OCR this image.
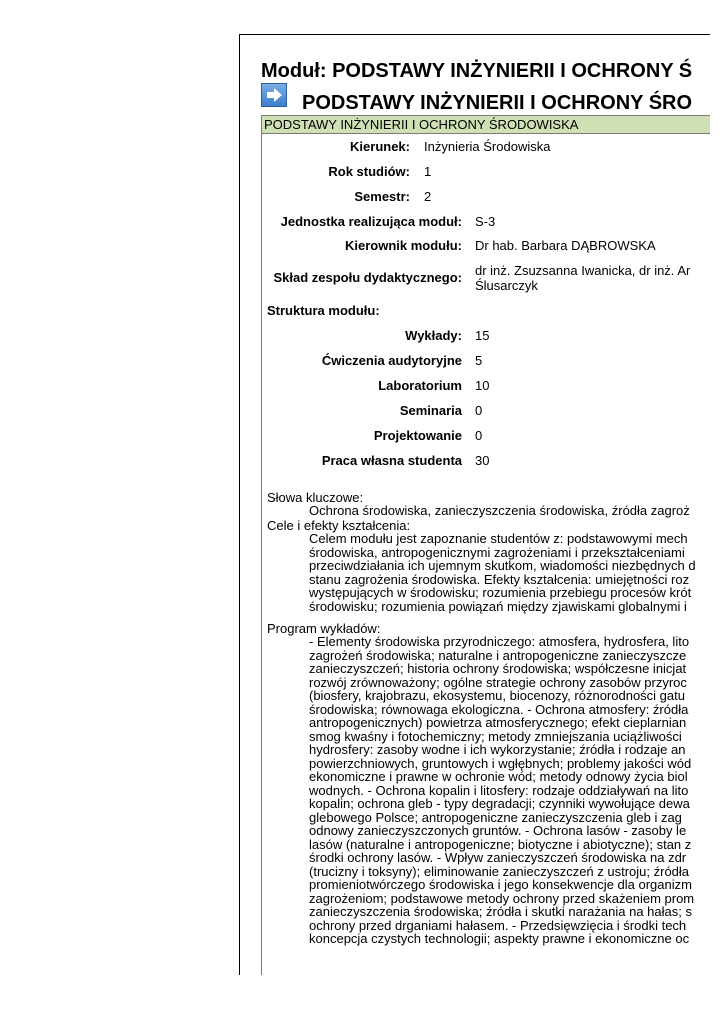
Moduł: PODSTAWY INŻYNIERII I OCHRONY Ś
PODSTAWY INŻYNIERII I OCHRONY ŚRO
PODSTAWY INŻYNIERII I OCHRONY ŚRODOWISKA
Kierunek: Inżynieria Środowiska
Rok studiów: 1
Semestr: 2
Jednostka realizująca moduł: S-3
Kierownik modułu: Dr hab. Barbara DĄBROWSKA
Skład zespołu dydaktycznego: dr inż. Zsuzsanna Iwanicka, dr inż. Ar
Ślusarczyk
Struktura modułu:
Wykłady: 15
Ćwiczenia audytoryjne 5
Laboratorium 10
Seminaria 0
Projektowanie 0
Praca własna studenta 30
Słowa kluczowe:
Ochrona środowiska, zanieczyszczenia środowiska, źródła zagroż
Cele i efekty kształcenia:
Celem modułu jest zapoznanie studentów z: podstawowymi mech
środowiska, antropogenicznymi zagrożeniami i przekształceniami
przeciwdziałania ich ujemnym skutkom, wiadomości niezbędnych d
stanu zagrożenia środowiska. Efekty kształcenia: umiejętności roz
występujących w środowisku; rozumienia przebiegu procesów krót
środowisku; rozumienia powiązań między zjawiskami globalnymi i
Program wykładów:
- Elementy środowiska przyrodniczego: atmosfera, hydrosfera, lito
zagrożeń środowiska; naturalne i antropogeniczne zanieczyszcze
zanieczyszczeń; historia ochrony środowiska; współczesne inicjat
rozwój zrównoważony; ogólne strategie ochrony zasobów przyroc
(biosfery, krajobrazu, ekosystemu, biocenozy, różnorodności gatu
środowiska; równowaga ekologiczna. - Ochrona atmosfery: źródła
antropogenicznych) powietrza atmosferycznego; efekt cieplarnian
smog kwaśny i fotochemiczny; metody zmniejszania uciążliwości
hydrosfery: zasoby wodne i ich wykorzystanie; źródła i rodzaje an
powierzchniowych, gruntowych i wgłębnych; problemy jakości wód
ekonomiczne i prawne w ochronie wód; metody odnowy życia biol
wodnych. - Ochrona kopalin i litosfery: rodzaje oddziaływań na lito
kopalin; ochrona gleb - typy degradacji; czynniki wywołujące dewa
glebowego Polsce; antropogeniczne zanieczyszczenia gleb i zag
odnowy zanieczyszczonych gruntów. - Ochrona lasów - zasoby le
lasów (naturalne i antropogeniczne; biotyczne i abiotyczne); stan z
środki ochrony lasów. - Wpływ zanieczyszczeń środowiska na zdr
(trucizny i toksyny); eliminowanie zanieczyszczeń z ustroju; źródła
promieniotwórczego środowiska i jego konsekwencje dla organizm
zagrożeniom; podstawowe metody ochrony przed skażeniem prom
zanieczyszczenia środowiska; źródła i skutki narażania na hałas; s
ochrony przed drganiami hałasem. - Przedsięwzięcia i środki tech
koncepcja czystych technologii; aspekty prawne i ekonomiczne oc
